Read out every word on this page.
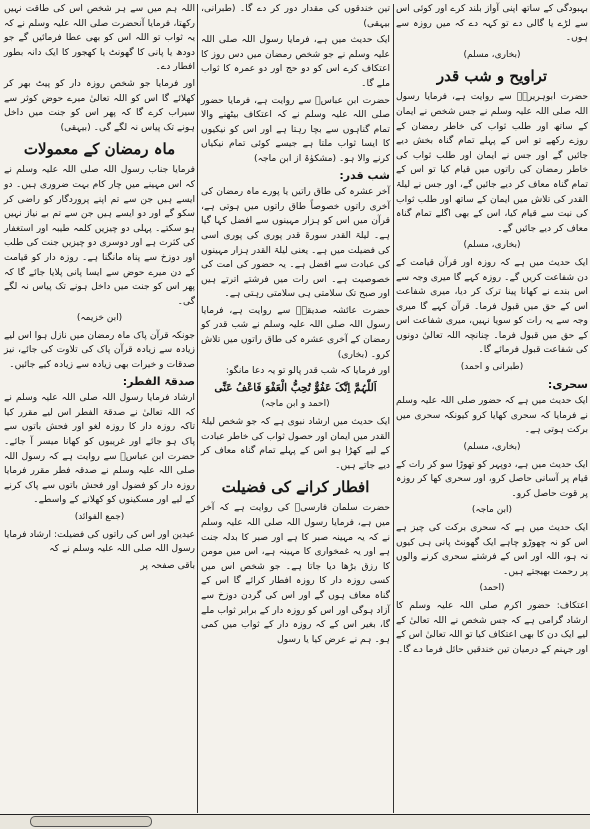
بہبودگی کے ساتھ اپنی آواز بلند کرے اور کوئی اس سے لڑے یا گالی دے تو کہہ دے کہ میں روزہ سے ہوں۔

(بخاری، مسلم)

تراویح و شب قدر

حضرت ابوہریرہؓ سے روایت ہے، فرمایا رسول اللہ صلی اللہ علیہ وسلم نے جس شخص نے ایمان کے ساتھ اور طلب ثواب کی خاطر رمضان کے روزے رکھے تو اس کے پہلے تمام گناہ بخش دیے جائیں گے اور جس نے ایمان اور طلب ثواب کی خاطر رمضان کی راتوں میں قیام کیا تو اس کے تمام گناہ معاف کر دیے جائیں گے، اور جس نے لیلۃ القدر کی تلاش میں ایمان کے ساتھ اور طلب ثواب کی نیت سے قیام کیا، اس کے بھی اگلے تمام گناہ معاف کر دیے جائیں گے۔

(بخاری، مسلم)

ایک حدیث میں ہے کہ روزہ اور قرآن قیامت کے دن شفاعت کریں گے۔ روزہ کہے گا میری وجہ سے اس بندے نے کھانا پینا ترک کر دیا، میری شفاعت اس کے حق میں قبول فرما۔ قرآن کہے گا میری وجہ سے یہ رات کو سویا نہیں، میری شفاعت اس کے حق میں قبول فرما۔ چنانچہ اللہ تعالیٰ دونوں کی شفاعت قبول فرمائے گا۔

(طبرانی و احمد)

سحری:

ایک حدیث میں ہے کہ حضور صلی اللہ علیہ وسلم نے فرمایا کہ سحری کھایا کرو کیونکہ سحری میں برکت ہوتی ہے۔

(بخاری، مسلم)

ایک حدیث میں ہے، دوپہر کو تھوڑا سو کر رات کے قیام پر آسانی حاصل کرو، اور سحری کھا کر روزہ پر قوت حاصل کرو۔

(ابن ماجہ)

ایک حدیث میں ہے کہ سحری برکت کی چیز ہے اس کو نہ چھوڑو چاہے ایک گھونٹ پانی ہی کیوں نہ ہو، اللہ اور اس کے فرشتے سحری کرنے والوں پر رحمت بھیجتے ہیں۔

(احمد)

اعتکاف: حضور اکرم صلی اللہ علیہ وسلم کا ارشاد گرامی ہے کہ جس شخص نے اللہ تعالیٰ کے لیے ایک دن کا بھی اعتکاف کیا تو اللہ تعالیٰ اس کے اور جہنم کے درمیان تین خندقیں حائل فرما دے گا۔

تین خندقوں کی مقدار دور کر دے گا۔ (طبرانی، بیہقی)

ایک حدیث میں ہے، فرمایا رسول اللہ صلی اللہ علیہ وسلم نے جو شخص رمضان میں دس روز کا اعتکاف کرے اس کو دو حج اور دو عمرہ کا ثواب ملے گا۔

حضرت ابن عباسؓ سے روایت ہے، فرمایا حضور صلی اللہ علیہ وسلم نے کہ اعتکاف بیٹھنے والا تمام گناہوں سے بچا رہتا ہے اور اس کو نیکیوں کا ایسا ثواب ملتا ہے جیسے کوئی تمام نیکیاں کرنے والا ہو۔ (مشکوٰۃ از ابن ماجہ)

شب قدر:

آخر عشرہ کی طاق راتیں یا پورے ماہ رمضان کی آخری راتوں خصوصاً طاق راتوں میں ہوتی ہے، قرآن میں اس کو ہزار مہینوں سے افضل کہا گیا ہے۔ لیلۃ القدر سورۃ قدر پوری کی پوری اسی کی فضیلت میں ہے۔ یعنی لیلۃ القدر ہزار مہینوں کی عبادت سے افضل ہے۔ یہ حضور کی امت کی خصوصیت ہے۔ اس رات میں فرشتے اترتے ہیں اور صبح تک سلامتی ہی سلامتی رہتی ہے۔

حضرت عائشہ صدیقہؓ سے روایت ہے، فرمایا رسول اللہ صلی اللہ علیہ وسلم نے شب قدر کو رمضان کے آخری عشرہ کی طاق راتوں میں تلاش کرو۔ (بخاری)

اور فرمایا کہ شب قدر پالو تو یہ دعا مانگو:

اَللّٰہُمَّ اِنَّکَ عَفُوٌّ تُحِبُّ الْعَفْوَ فَاعْفُ عَنِّی

(احمد و ابن ماجہ)

ایک حدیث میں ارشاد نبوی ہے کہ جو شخص لیلۃ القدر میں ایمان اور حصول ثواب کی خاطر عبادت کے لیے کھڑا ہو اس کے پہلے تمام گناہ معاف کر دیے جاتے ہیں۔

افطار کرانے کی فضیلت

حضرت سلمان فارسیؓ کی روایت ہے کہ آخر میں ہے، فرمایا رسول اللہ صلی اللہ علیہ وسلم نے کہ یہ مہینہ صبر کا ہے اور صبر کا بدلہ جنت ہے اور یہ غمخواری کا مہینہ ہے، اس میں مومن کا رزق بڑھا دیا جاتا ہے۔ جو شخص اس میں کسی روزہ دار کا روزہ افطار کرائے گا اس کے گناہ معاف ہوں گے اور اس کی گردن دوزخ سے آزاد ہوگی اور اس کو روزہ دار کے برابر ثواب ملے گا، بغیر اس کے کہ روزہ دار کے ثواب میں کمی ہو۔ ہم نے عرض کیا یا رسول

اللہ ہم میں سے ہر شخص اس کی طاقت نہیں رکھتا، فرمایا آنحضرت صلی اللہ علیہ وسلم نے کہ یہ ثواب تو اللہ اس کو بھی عطا فرمائیں گے جو دودھ یا پانی کا گھونٹ یا کھجور کا ایک دانہ بطور افطار دے۔

اور فرمایا جو شخص روزہ دار کو پیٹ بھر کر کھلائے گا اس کو اللہ تعالیٰ میرے حوض کوثر سے سیراب کرے گا کہ پھر اس کو جنت میں داخل ہونے تک پیاس نہ لگے گی۔ (بیہقی)

ماہ رمضان کے معمولات

فرمایا جناب رسول اللہ صلی اللہ علیہ وسلم نے کہ اس مہینے میں چار کام بہت ضروری ہیں۔ دو ایسے ہیں جن سے تم اپنے پروردگار کو راضی کر سکو گے اور دو ایسے ہیں جن سے تم بے نیاز نہیں ہو سکتے۔ پہلی دو چیزیں کلمہ طیبہ اور استغفار کی کثرت ہے اور دوسری دو چیزیں جنت کی طلب اور دوزخ سے پناہ مانگنا ہے۔ روزہ دار کو قیامت کے دن میرے حوض سے ایسا پانی پلایا جائے گا کہ پھر اس کو جنت میں داخل ہونے تک پیاس نہ لگے گی۔

(ابن خزیمہ)

جونکہ قرآن پاک ماہ رمضان میں نازل ہوا اس لیے زیادہ سے زیادہ قرآن پاک کی تلاوت کی جائے، نیز صدقات و خیرات بھی زیادہ سے زیادہ کیے جائیں۔

صدقۃ الفطر:

ارشاد فرمایا رسول اللہ صلی اللہ علیہ وسلم نے کہ اللہ تعالیٰ نے صدقۃ الفطر اس لیے مقرر کیا تاکہ روزہ دار کا روزہ لغو اور فحش باتوں سے پاک ہو جائے اور غریبوں کو کھانا میسر آ جائے۔ حضرت ابن عباسؓ سے روایت ہے کہ رسول اللہ صلی اللہ علیہ وسلم نے صدقہ فطر مقرر فرمایا روزہ دار کو فضول اور فحش باتوں سے پاک کرنے کے لیے اور مسکینوں کو کھلانے کے واسطے۔

(جمع الفوائد)

عیدین اور اس کی راتوں کی فضیلت: ارشاد فرمایا رسول اللہ صلی اللہ علیہ وسلم نے کہ

باقی صفحہ پر
